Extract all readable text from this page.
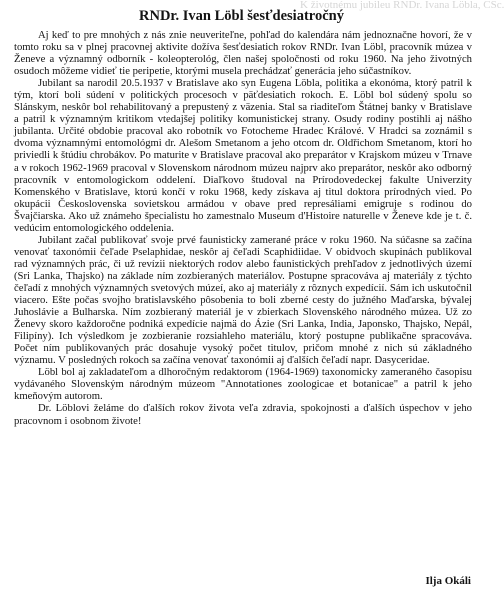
K životnému jubileu RNDr. Ivana Löbla, CSc.
RNDr. Ivan Löbl šesťdesiatročný

Aj keď to pre mnohých z nás znie neuveriteľne, pohľad do kalendára nám jednoznačne hovorí, že v tomto roku sa v plnej pracovnej aktivite dožíva šesťdesiatich rokov RNDr. Ivan Löbl, pracovník múzea v Ženeve a významný odborník - koleopterológ, člen našej spoločnosti od roku 1960. Na jeho životných osudoch môžeme vidieť tie peripetie, ktorými musela prechádzať generácia jeho súčastníkov.

Jubilant sa narodil 20.5.1937 v Bratislave ako syn Eugena Löbla, politika a ekonóma, ktorý patril k tým, ktorí boli súdení v politických procesoch v päťdesiatich rokoch. E. Löbl bol súdený spolu so Slánskym, neskôr bol rehabilitovaný a prepustený z väzenia. Stal sa riaditeľom Štátnej banky v Bratislave a patril k významným kritikom vtedajšej politiky komunistickej strany. Osudy rodiny postihli aj nášho jubilanta. Určité obdobie pracoval ako robotník vo Fotochemе Hradec Králové. V Hradci sa zoznámil s dvoma významnými entomológmi dr. Alešom Smetanom a jeho otcom dr. Oldřichom Smetanom, ktorí ho priviedli k štúdiu chrobákov. Po maturite v Bratislave pracoval ako preparátor v Krajskom múzeu v Trnave a v rokoch 1962-1969 pracoval v Slovenskom národnom múzeu najprv ako preparátor, neskôr ako odborný pracovník v entomologickom oddelení. Diaľkovo študoval na Prírodovedeckej fakulte Univerzity Komenského v Bratislave, ktorú končí v roku 1968, kedy získava aj titul doktora prírodných vied. Po okupácii Československa sovietskou armádou v obave pred represáliami emigruje s rodinou do Švajčiarska. Ako už známeho špecialistu ho zamestnalo Museum d'Histoire naturelle v Ženeve kde je t. č. vedúcim entomologického oddelenia.

Jubilant začal publikovať svoje prvé faunisticky zamerané práce v roku 1960. Na súčasne sa začína venovať taxonómii čeľade Pselaphidae, neskôr aj čeľadi Scaphidiidae. V obidvoch skupinách publikoval rad významných prác, či už revízii niektorých rodov alebo faunistických prehľadov z jednotlivých území (Sri Lanka, Thajsko) na základe ním zozbieraných materiálov. Postupne spracováva aj materiály z týchto čeľadí z mnohých významných svetových múzeí, ako aj materiály z rôznych expedícií. Sám ich uskutočnil viacero. Ešte počas svojho bratislavského pôsobenia to boli zberné cesty do južného Maďarska, bývalej Juhoslávie a Bulharska. Ním zozbieraný materiál je v zbierkach Slovenského národného múzea. Už zo Ženevy skoro každoročne podniká expedície najmä do Ázie (Sri Lanka, India, Japonsko, Thajsko, Nepál, Filipíny). Ich výsledkom je zozbieranie rozsiahleho materiálu, ktorý postupne publikačne spracováva. Počet ním publikovaných prác dosahuje vysoký počet titulov, pričom mnohé z nich sú základného významu. V posledných rokoch sa začína venovať taxonómii aj ďalších čeľadí napr. Dasyceridae.

Löbl bol aj zakladateľom a dlhoročným redaktorom (1964-1969) taxonomicky zameraného časopisu vydávaného Slovenským národným múzeom "Annotationes zoologicae et botanicae" a patril k jeho kmeňovým autorom.

Dr. Löblovi želáme do ďalších rokov života veľa zdravia, spokojnosti a ďalších úspechov v jeho pracovnom i osobnom živote!

Ilja Okáli
